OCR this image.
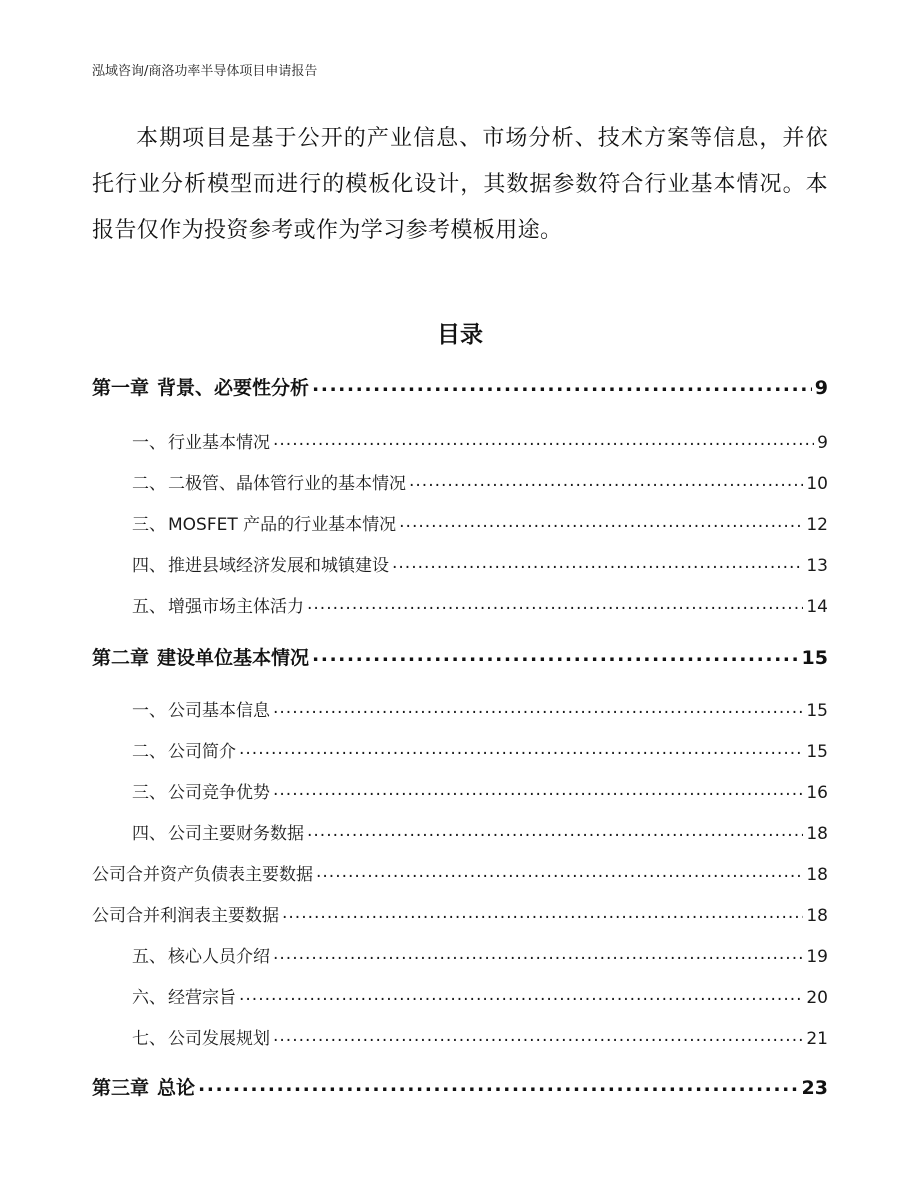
泓域咨询/商洛功率半导体项目申请报告
本期项目是基于公开的产业信息、市场分析、技术方案等信息，并依托行业分析模型而进行的模板化设计，其数据参数符合行业基本情况。本报告仅作为投资参考或作为学习参考模板用途。
目录
第一章 背景、必要性分析 .....	9
一、 行业基本情况 .....	9
二、 二极管、晶体管行业的基本情况 .....	10
三、 MOSFET 产品的行业基本情况 .....	12
四、 推进县域经济发展和城镇建设 .....	13
五、 增强市场主体活力 .....	14
第二章 建设单位基本情况 .....	15
一、 公司基本信息 .....	15
二、 公司简介 .....	15
三、 公司竞争优势 .....	16
四、 公司主要财务数据 .....	18
公司合并资产负债表主要数据 .....	18
公司合并利润表主要数据 .....	18
五、 核心人员介绍 .....	19
六、 经营宗旨 .....	20
七、 公司发展规划 .....	21
第三章 总论 .....	23
